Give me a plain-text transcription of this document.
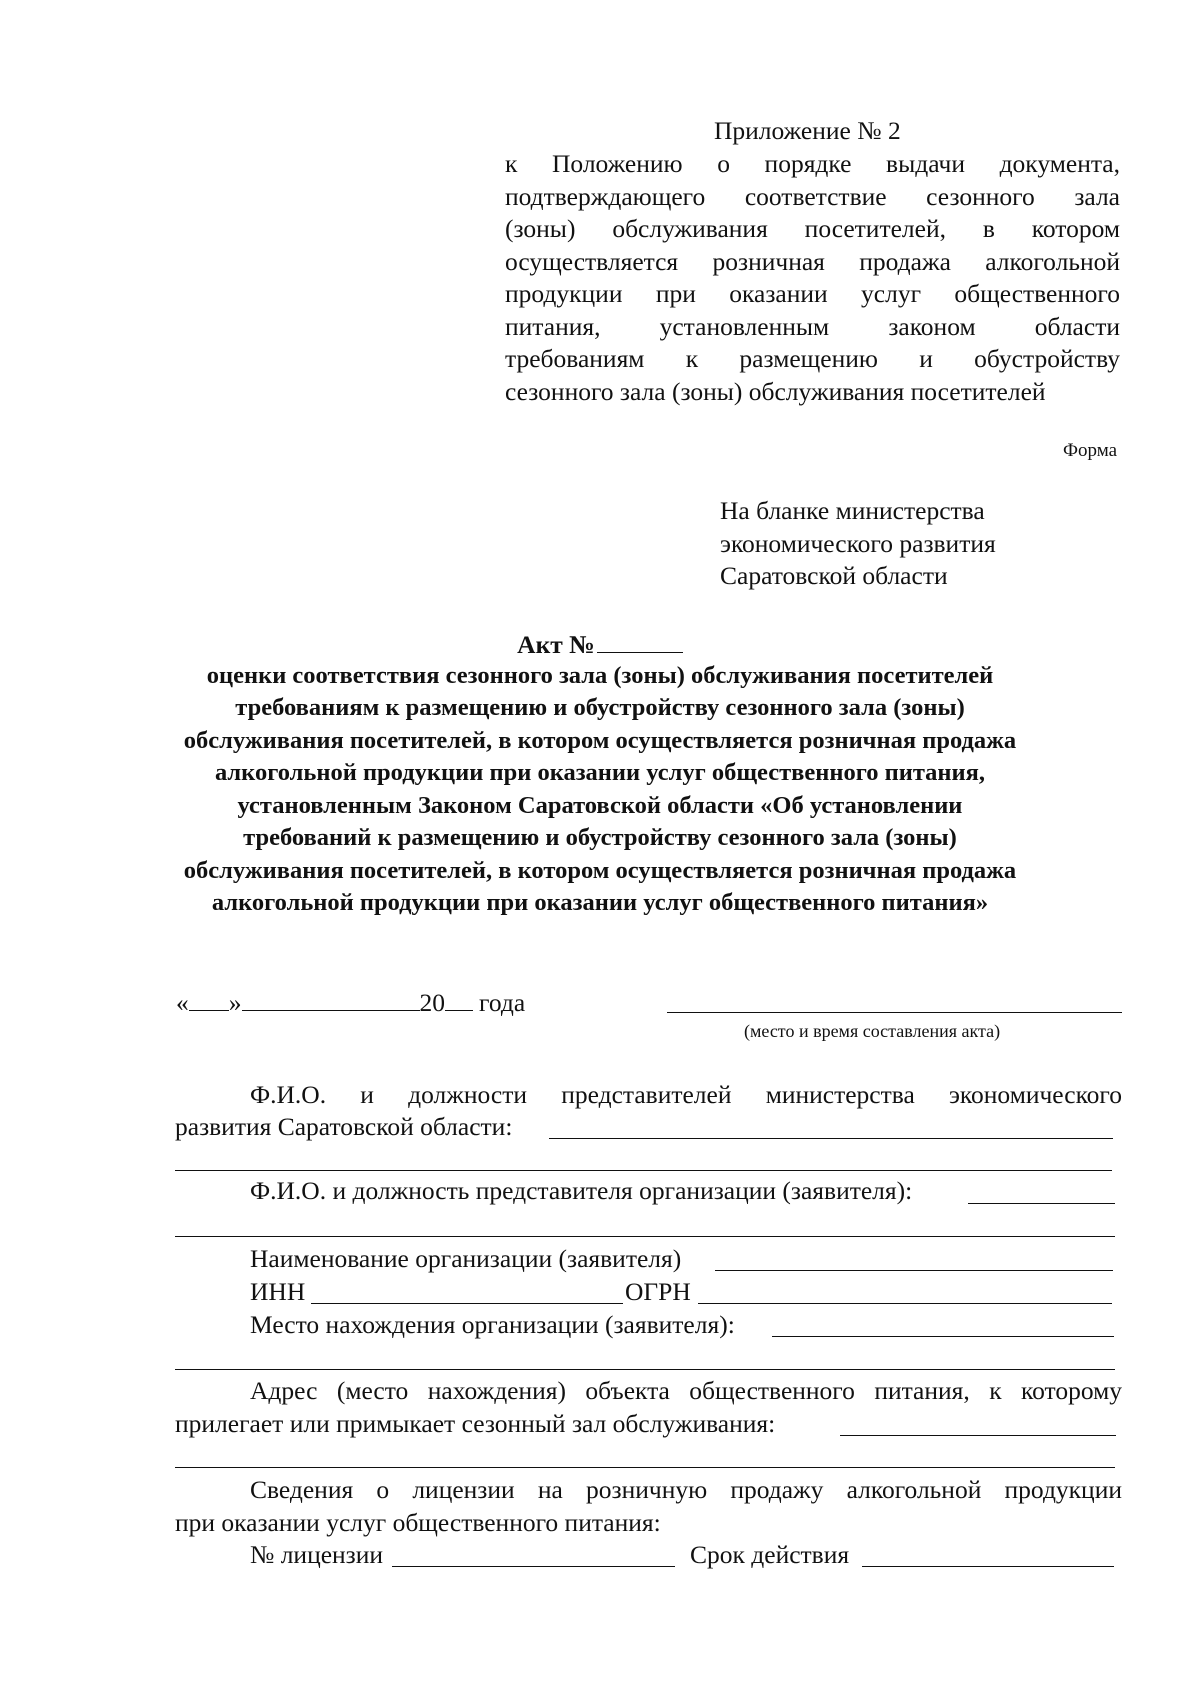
Приложение № 2
к Положению о порядке выдачи документа,
подтверждающего соответствие сезонного зала
(зоны) обслуживания посетителей, в котором
осуществляется розничная продажа алкогольной
продукции при оказании услуг общественного
питания, установленным законом области
требованиям к размещению и обустройству
сезонного зала (зоны) обслуживания посетителей
Форма
На бланке министерства
экономического развития
Саратовской области
Акт №
оценки соответствия сезонного зала (зоны) обслуживания посетителей
требованиям к размещению и обустройству сезонного зала (зоны)
обслуживания посетителей, в котором осуществляется розничная продажа
алкогольной продукции при оказании услуг общественного питания,
установленным Законом Саратовской области «Об установлении
требований к размещению и обустройству сезонного зала (зоны)
обслуживания посетителей, в котором осуществляется розничная продажа
алкогольной продукции при оказании услуг общественного питания»
« »	20 года
(место и время составления акта)
Ф.И.О. и должности представителей министерства экономического
развития Саратовской области:
Ф.И.О. и должность представителя организации (заявителя):
Наименование организации (заявителя)
ИНН	ОГРН
Место нахождения организации (заявителя):
Адрес (место нахождения) объекта общественного питания, к которому
прилегает или примыкает сезонный зал обслуживания:
Сведения о лицензии на розничную продажу алкогольной продукции
при оказании услуг общественного питания:
№ лицензии	Срок действия
